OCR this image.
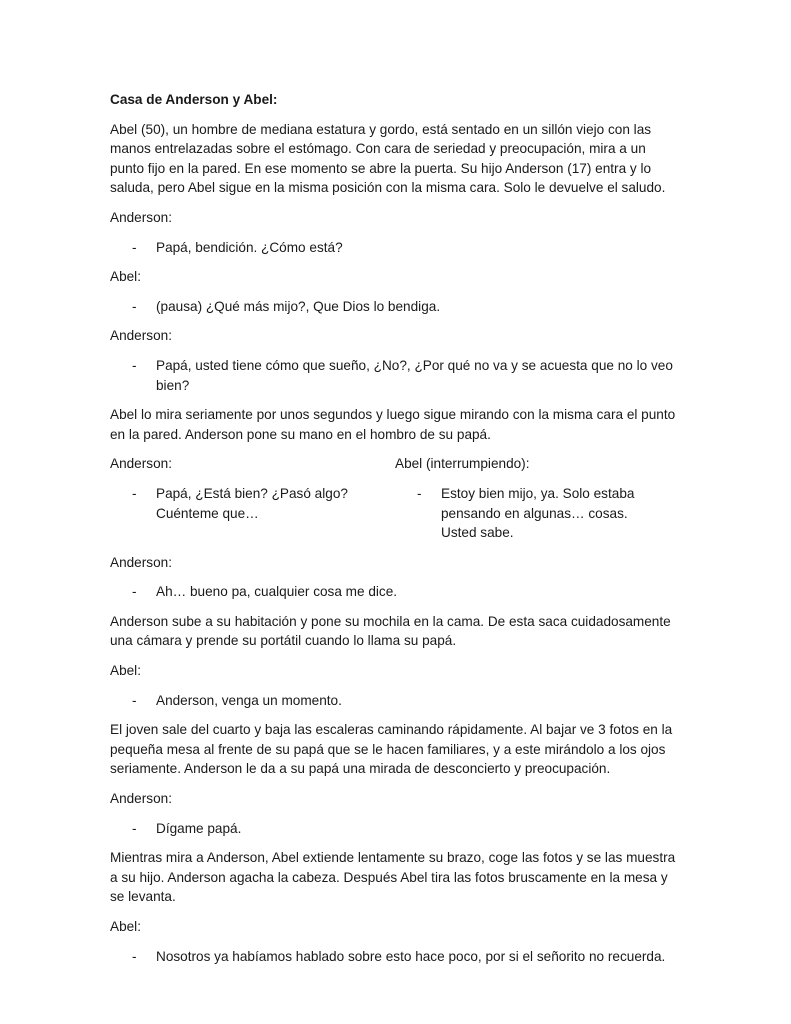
Casa de Anderson y Abel:
Abel (50), un hombre de mediana estatura y gordo, está sentado en un sillón viejo con las manos entrelazadas sobre el estómago. Con cara de seriedad y preocupación, mira a un punto fijo en la pared. En ese momento se abre la puerta. Su hijo Anderson (17) entra y lo saluda, pero Abel sigue en la misma posición con la misma cara. Solo le devuelve el saludo.
Anderson:
-	Papá, bendición. ¿Cómo está?
Abel:
-	(pausa) ¿Qué más mijo?, Que Dios lo bendiga.
Anderson:
-	Papá, usted tiene cómo que sueño, ¿No?, ¿Por qué no va y se acuesta que no lo veo bien?
Abel lo mira seriamente por unos segundos y luego sigue mirando con la misma cara el punto en la pared. Anderson pone su mano en el hombro de su papá.
Anderson:
-	Papá, ¿Está bien? ¿Pasó algo? Cuénteme que…
Abel (interrumpiendo):
-	Estoy bien mijo, ya. Solo estaba pensando en algunas… cosas. Usted sabe.
Anderson:
-	Ah… bueno pa, cualquier cosa me dice.
Anderson sube a su habitación y pone su mochila en la cama. De esta saca cuidadosamente una cámara y prende su portátil cuando lo llama su papá.
Abel:
-	Anderson, venga un momento.
El joven sale del cuarto y baja las escaleras caminando rápidamente. Al bajar ve 3 fotos en la pequeña mesa al frente de su papá que se le hacen familiares, y a este mirándolo a los ojos seriamente. Anderson le da a su papá una mirada de desconcierto y preocupación.
Anderson:
-	Dígame papá.
Mientras mira a Anderson, Abel extiende lentamente su brazo, coge las fotos y se las muestra a su hijo. Anderson agacha la cabeza. Después Abel tira las fotos bruscamente en la mesa y se levanta.
Abel:
-	Nosotros ya habíamos hablado sobre esto hace poco, por si el señorito no recuerda.
